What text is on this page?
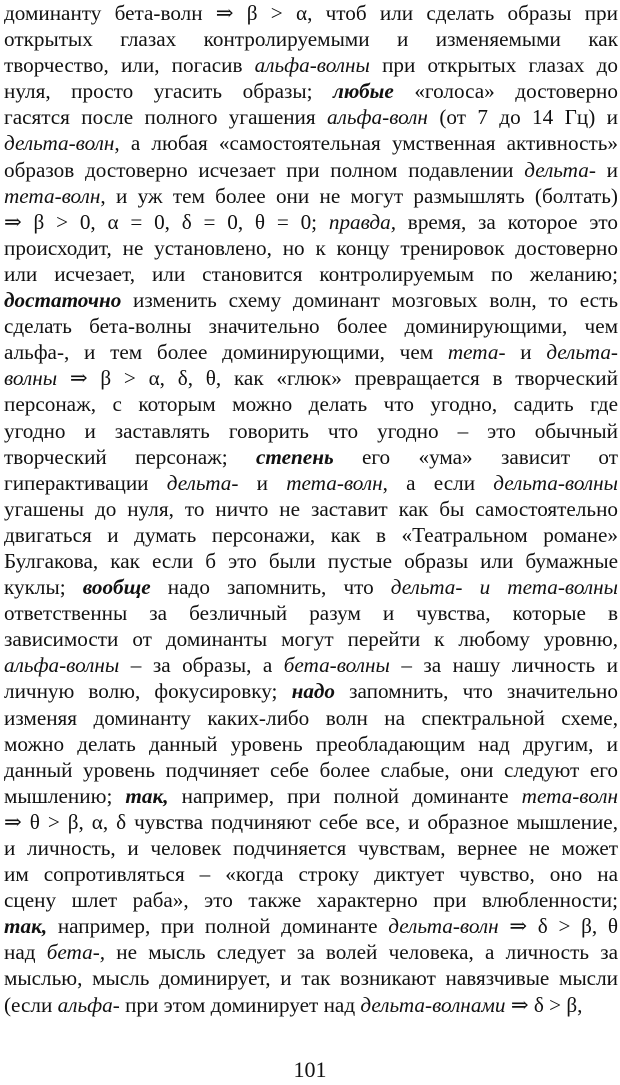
доминанту бета-волн ⇒ β > α, чтоб или сделать образы при
открытых глазах контролируемыми и изменяемыми как
творчество, или, погасив альфа-волны при открытых глазах до
нуля, просто угасить образы; любые «голоса» достоверно
гасятся после полного угашения альфа-волн (от 7 до 14 Гц) и
дельта-волн, а любая «самостоятельная умственная активность»
образов достоверно исчезает при полном подавлении дельта- и
тета-волн, и уж тем более они не могут размышлять (болтать)
⇒ β > 0, α = 0, δ = 0, θ = 0; правда, время, за которое это
происходит, не установлено, но к концу тренировок достоверно
или исчезает, или становится контролируемым по желанию;
достаточно изменить схему доминант мозговых волн, то есть
сделать бета-волны значительно более доминирующими, чем
альфа-, и тем более доминирующими, чем тета- и дельта-
волны ⇒ β > α, δ, θ, как «глюк» превращается в творческий
персонаж, с которым можно делать что угодно, садить где
угодно и заставлять говорить что угодно – это обычный
творческий персонаж; степень его «ума» зависит от
гиперактивации дельта- и тета-волн, а если дельта-волны
угашены до нуля, то ничто не заставит как бы самостоятельно
двигаться и думать персонажи, как в «Театральном романе»
Булгакова, как если б это были пустые образы или бумажные
куклы; вообще надо запомнить, что дельта- и тета-волны
ответственны за безличный разум и чувства, которые в
зависимости от доминанты могут перейти к любому уровню,
альфа-волны – за образы, а бета-волны – за нашу личность и
личную волю, фокусировку; надо запомнить, что значительно
изменяя доминанту каких-либо волн на спектральной схеме,
можно делать данный уровень преобладающим над другим, и
данный уровень подчиняет себе более слабые, они следуют его
мышлению; так, например, при полной доминанте тета-волн
⇒ θ > β, α, δ чувства подчиняют себе все, и образное мышление,
и личность, и человек подчиняется чувствам, вернее не может
им сопротивляться – «когда строку диктует чувство, оно на
сцену шлет раба», это также характерно при влюбленности;
так, например, при полной доминанте дельта-волн ⇒ δ > β, θ
над бета-, не мысль следует за волей человека, а личность за
мыслью, мысль доминирует, и так возникают навязчивые мысли
(если альфа- при этом доминирует над дельта-волнами ⇒ δ > β,
101
